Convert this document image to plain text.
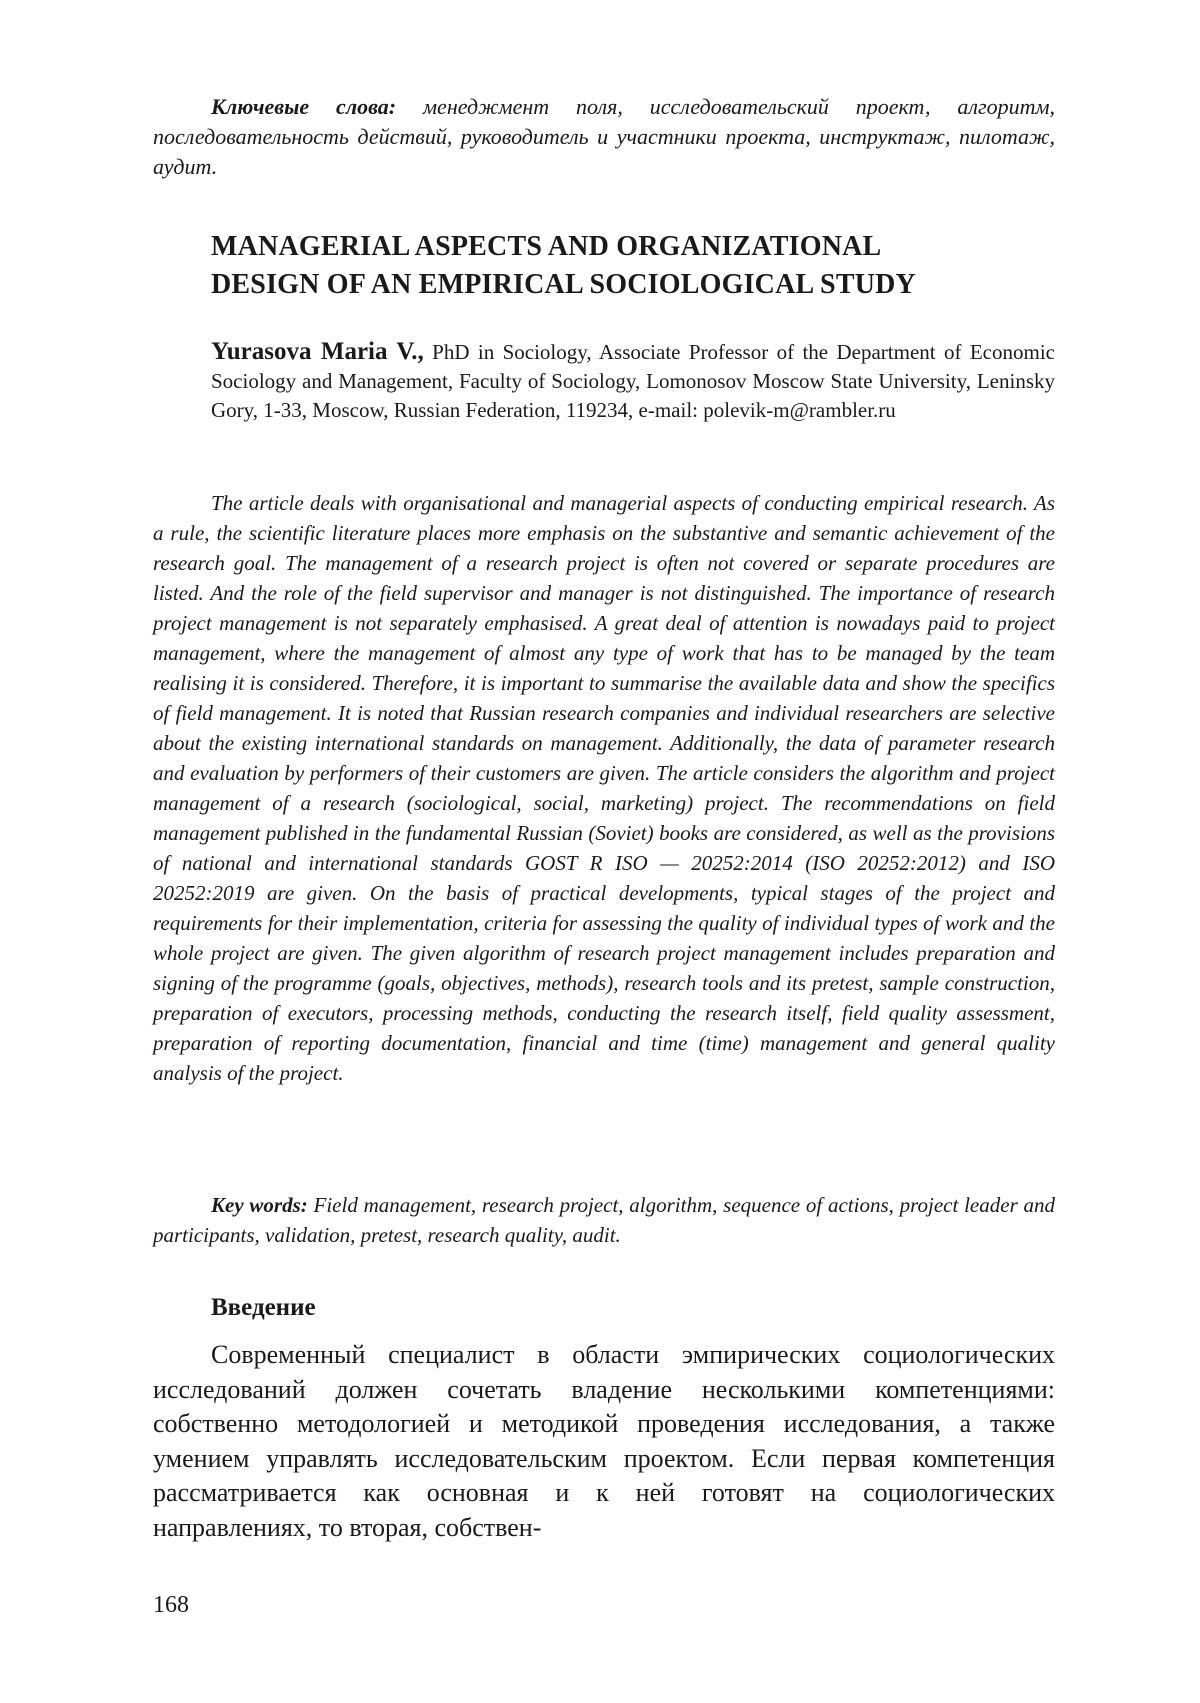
Ключевые слова: менеджмент поля, исследовательский проект, алгоритм, последовательность действий, руководитель и участники проекта, инструктаж, пилотаж, аудит.

MANAGERIAL ASPECTS AND ORGANIZATIONAL
DESIGN OF AN EMPIRICAL SOCIOLOGICAL STUDY

Yurasova Maria V., PhD in Sociology, Associate Professor of the Department of Economic Sociology and Management, Faculty of Sociology, Lomonosov Moscow State University, Leninsky Gory, 1-33, Moscow, Russian Federation, 119234, e-mail: polevik-m@rambler.ru

The article deals with organisational and managerial aspects of conducting empirical research. As a rule, the scientific literature places more emphasis on the substantive and semantic achievement of the research goal. The management of a research project is often not covered or separate procedures are listed. And the role of the field supervisor and manager is not distinguished. The importance of research project management is not separately emphasised. A great deal of attention is nowadays paid to project management, where the management of almost any type of work that has to be managed by the team realising it is considered. Therefore, it is important to summarise the available data and show the specifics of field management. It is noted that Russian research companies and individual researchers are selective about the existing international standards on management. Additionally, the data of parameter research and evaluation by performers of their customers are given. The article considers the algorithm and project management of a research (sociological, social, marketing) project. The recommendations on field management published in the fundamental Russian (Soviet) books are considered, as well as the provisions of national and international standards GOST R ISO — 20252:2014 (ISO 20252:2012) and ISO 20252:2019 are given. On the basis of practical developments, typical stages of the project and requirements for their implementation, criteria for assessing the quality of individual types of work and the whole project are given. The given algorithm of research project management includes preparation and signing of the programme (goals, objectives, methods), research tools and its pretest, sample construction, preparation of executors, processing methods, conducting the research itself, field quality assessment, preparation of reporting documentation, financial and time (time) management and general quality analysis of the project.

Key words: Field management, research project, algorithm, sequence of actions, project leader and participants, validation, pretest, research quality, audit.

Введение

Современный специалист в области эмпирических социологических исследований должен сочетать владение несколькими компетенциями: собственно методологией и методикой проведения исследования, а также умением управлять исследовательским проектом. Если первая компетенция рассматривается как основная и к ней готовят на социологических направлениях, то вторая, собствен-

168
